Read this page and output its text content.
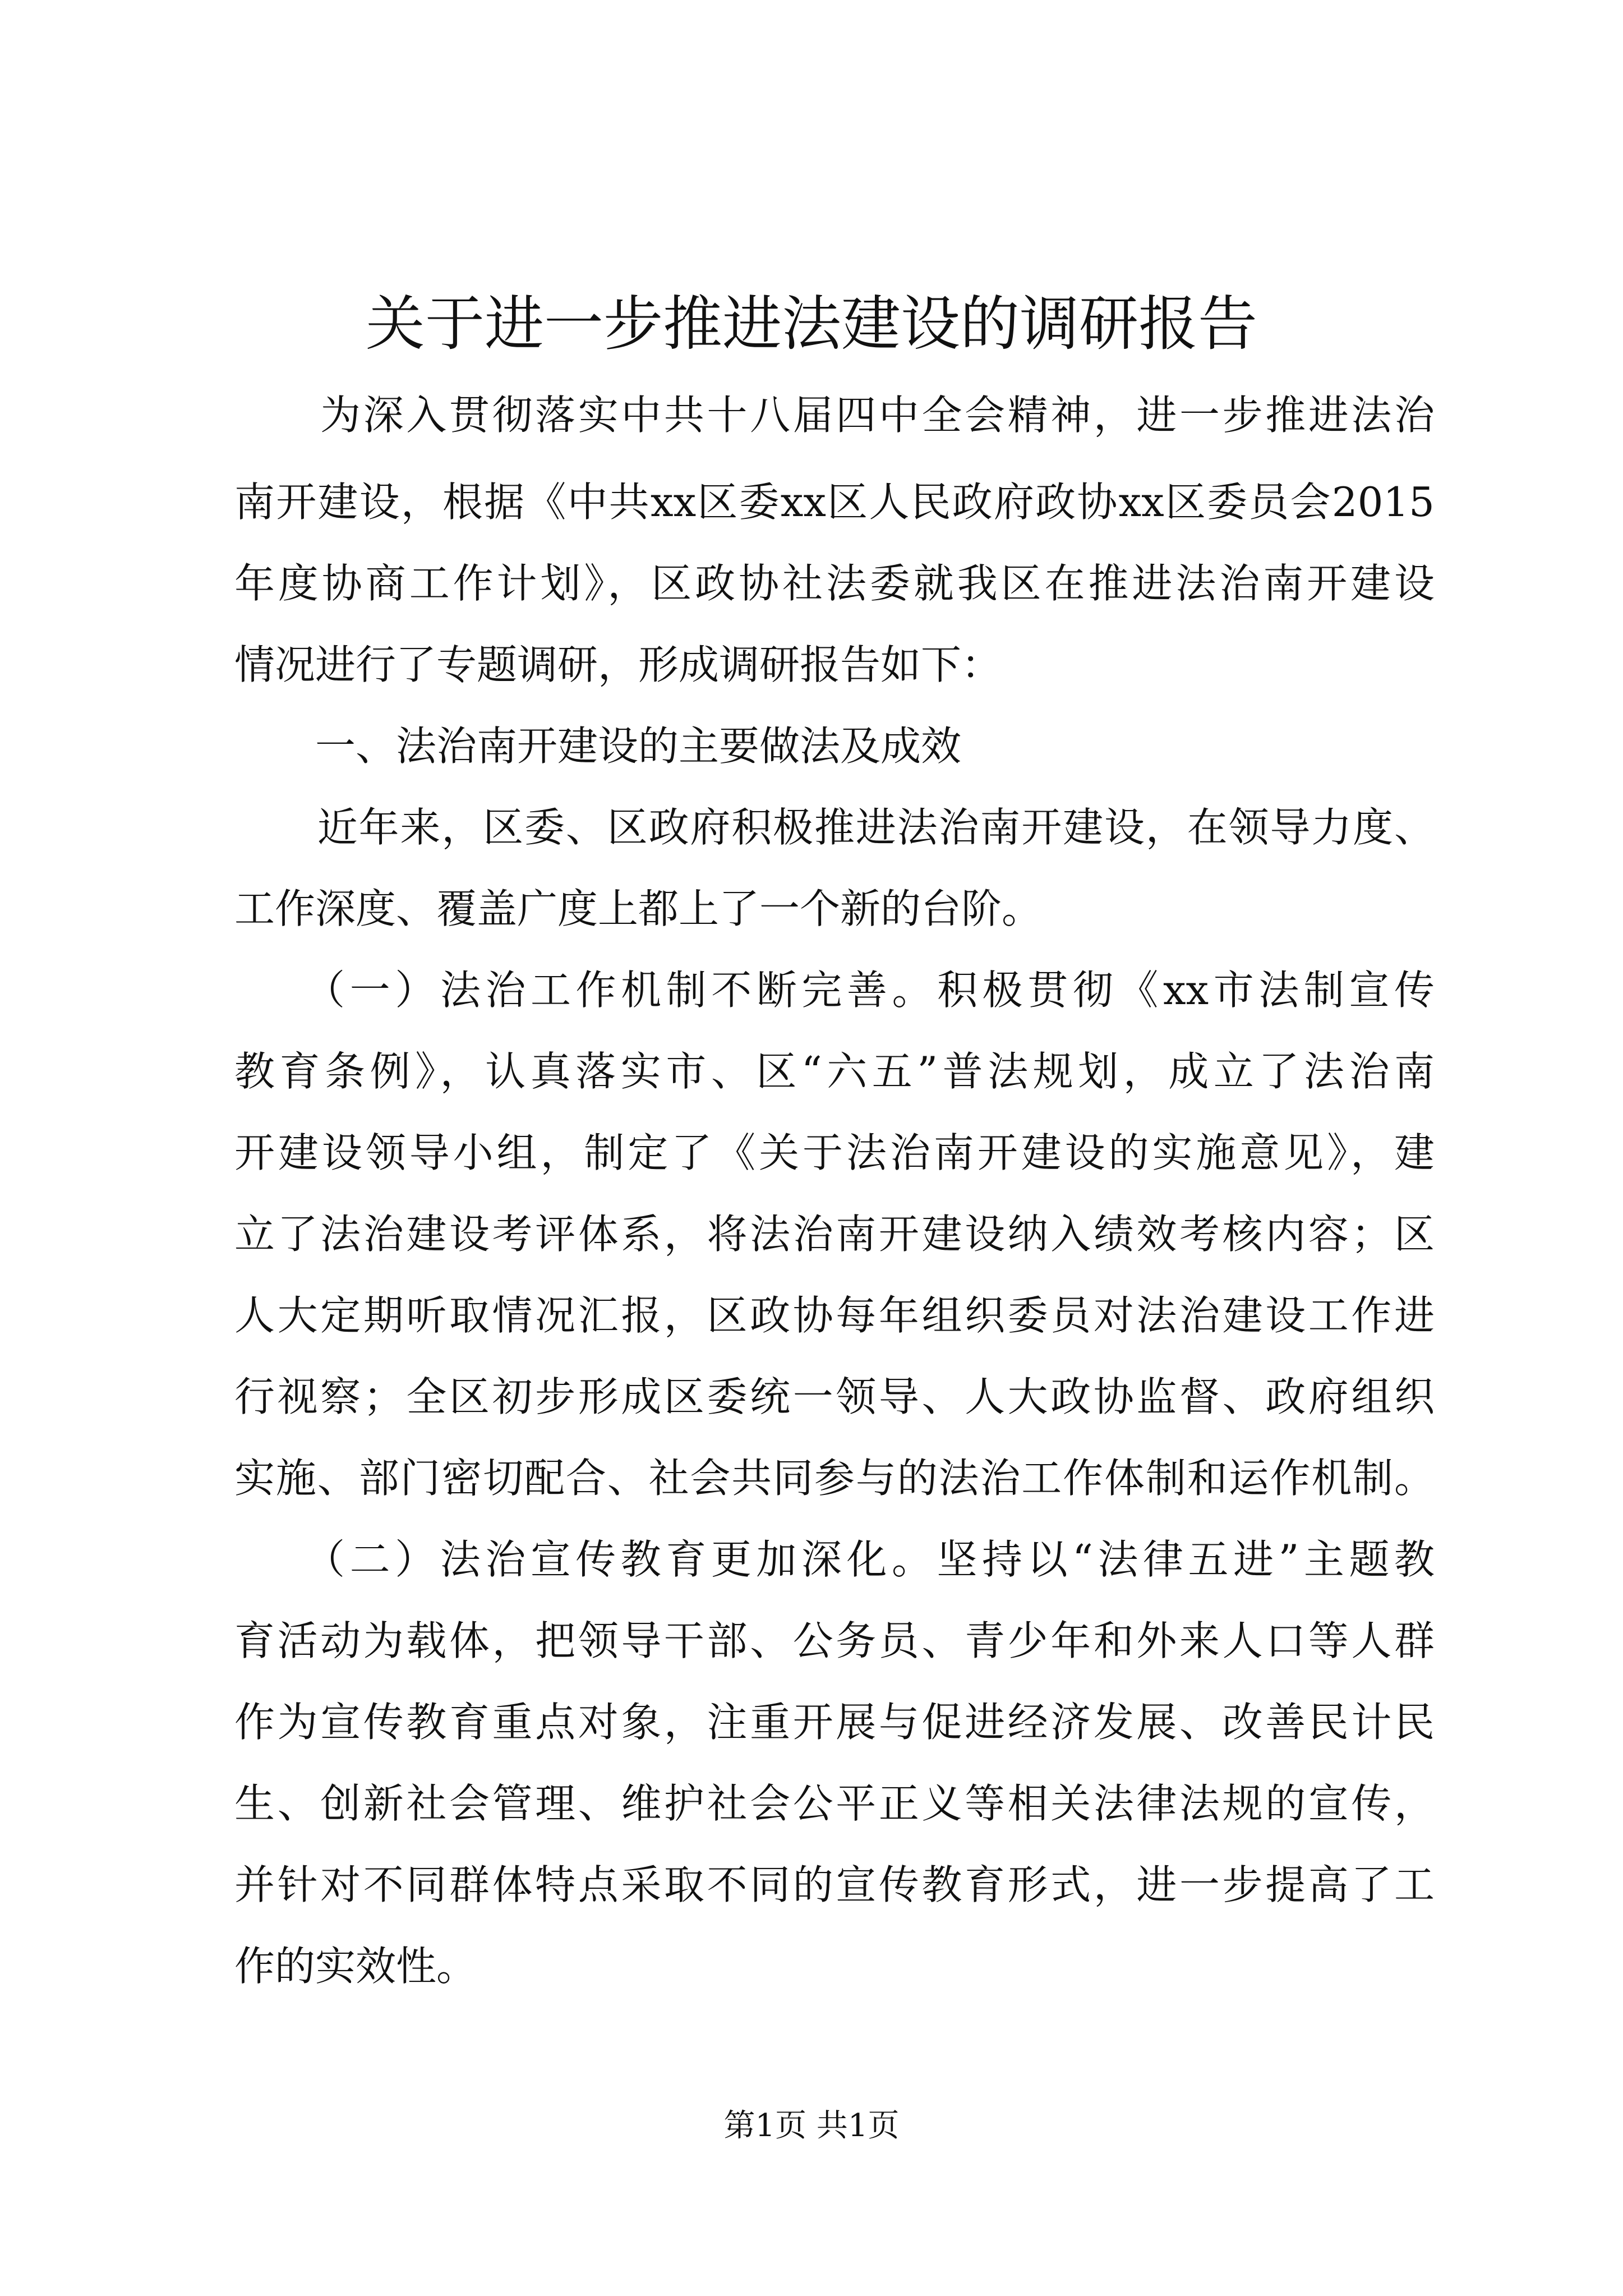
关于进一步推进法建设的调研报告

　　为深入贯彻落实中共十八届四中全会精神，进一步推进法治

南开建设，根据《中共xx区委xx区人民政府政协xx区委员会2015

年度协商工作计划》，区政协社法委就我区在推进法治南开建设

情况进行了专题调研，形成调研报告如下：

　　一、法治南开建设的主要做法及成效

　　近年来，区委、区政府积极推进法治南开建设，在领导力度、

工作深度、覆盖广度上都上了一个新的台阶。

　　（一）法治工作机制不断完善。积极贯彻《xx市法制宣传

教育条例》，认真落实市、区“六五”普法规划，成立了法治南

开建设领导小组，制定了《关于法治南开建设的实施意见》，建

立了法治建设考评体系，将法治南开建设纳入绩效考核内容；区

人大定期听取情况汇报，区政协每年组织委员对法治建设工作进

行视察；全区初步形成区委统一领导、人大政协监督、政府组织

实施、部门密切配合、社会共同参与的法治工作体制和运作机制。

　　（二）法治宣传教育更加深化。坚持以“法律五进”主题教

育活动为载体，把领导干部、公务员、青少年和外来人口等人群

作为宣传教育重点对象，注重开展与促进经济发展、改善民计民

生、创新社会管理、维护社会公平正义等相关法律法规的宣传，

并针对不同群体特点采取不同的宣传教育形式，进一步提高了工

作的实效性。

第1页 共1页
